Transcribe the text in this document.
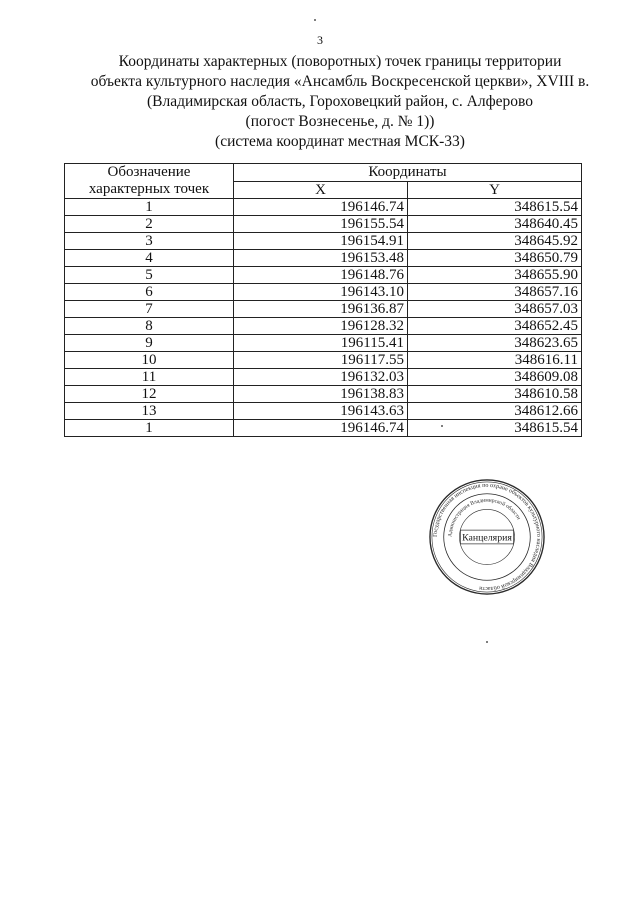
3
Координаты характерных (поворотных) точек границы территории
объекта культурного наследия «Ансамбль Воскресенской церкви», XVIII в.
(Владимирская область, Гороховецкий район, с. Алферово
(погост Вознесенье, д. № 1))
(система координат местная МСК-33)
Обозначение
характерных точек	Координаты	
	X	Y
1	196146.74	348615.54
2	196155.54	348640.45
3	196154.91	348645.92
4	196153.48	348650.79
5	196148.76	348655.90
6	196143.10	348657.16
7	196136.87	348657.03
8	196128.32	348652.45
9	196115.41	348623.65
10	196117.55	348616.11
11	196132.03	348609.08
12	196138.83	348610.58
13	196143.63	348612.66
1	196146.74	348615.54
Государственная инспекция по охране объектов культурного наследия Владимирской области
Администрация Владимирской области
Канцелярия
